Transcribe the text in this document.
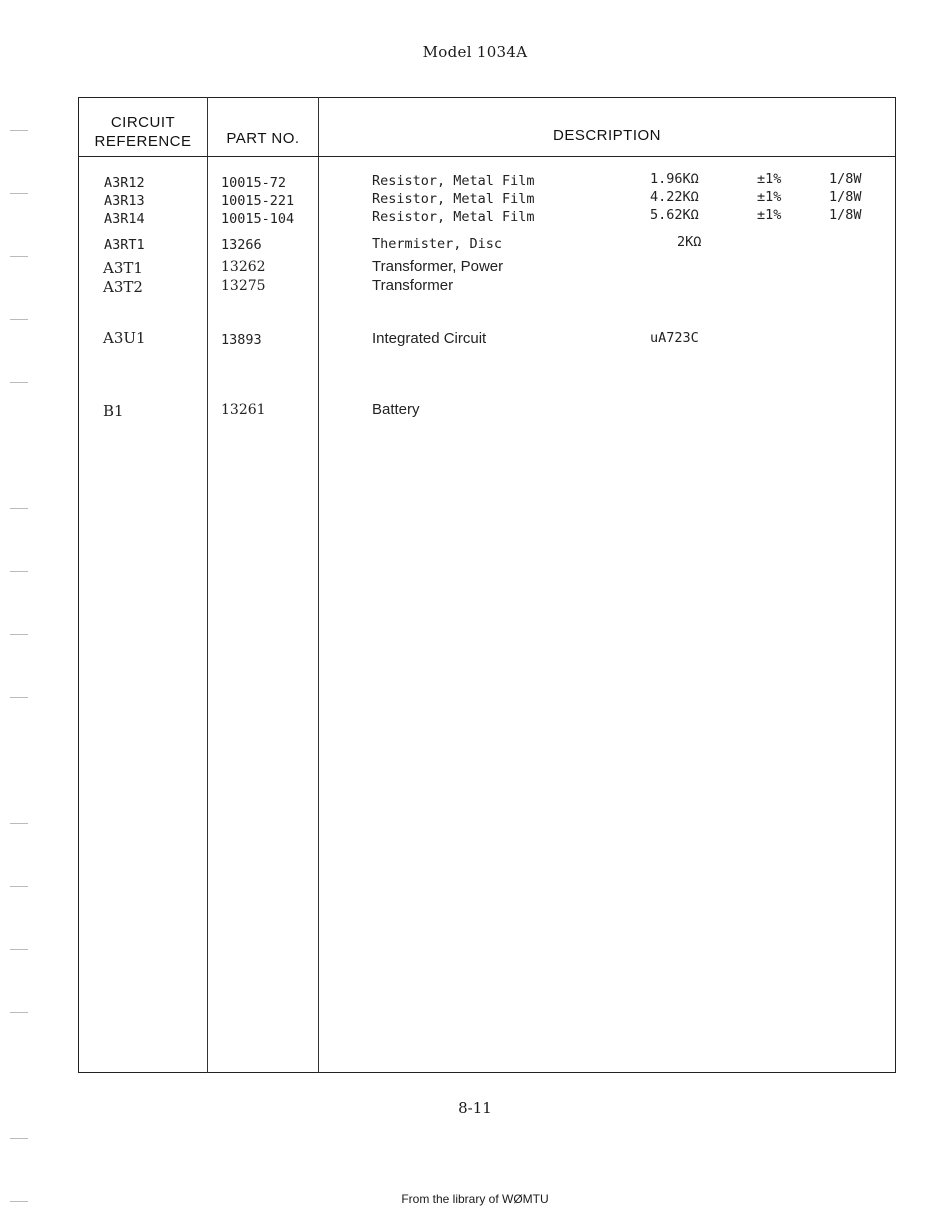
Model 1034A
CIRCUIT
REFERENCE	PART NO.	DESCRIPTION
A3R12	10015-72	Resistor, Metal Film	1.96KΩ	±1%	1/8W
A3R13	10015-221	Resistor, Metal Film	4.22KΩ	±1%	1/8W
A3R14	10015-104	Resistor, Metal Film	5.62KΩ	±1%	1/8W
A3RT1	13266	Thermister, Disc	2KΩ
A3T1	13262	Transformer, Power
A3T2	13275	Transformer
A3U1	13893	Integrated Circuit	uA723C
B1	13261	Battery
8-11
From the library of WØMTU
